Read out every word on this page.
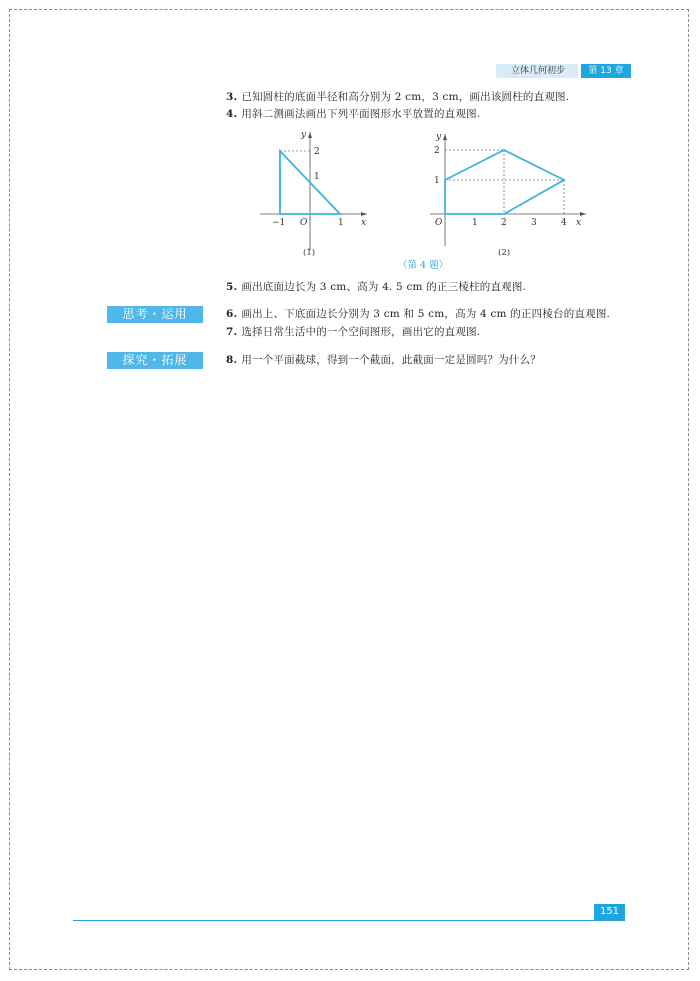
立体几何初步	第 13 章
3. 已知圆柱的底面半径和高分别为 2 cm，3 cm，画出该圆柱的直观图.
4. 用斜二测画法画出下列平面图形水平放置的直观图.
y
2
1
−1 O	1 x
(1)
y
2
1
O	1	2	3	4 x
(2)
（第 4 题）
5. 画出底面边长为 3 cm、高为 4. 5 cm 的正三棱柱的直观图.
思考・运用	6. 画出上、下底面边长分别为 3 cm 和 5 cm，高为 4 cm 的正四棱台的直观图.
7. 选择日常生活中的一个空间图形，画出它的直观图.
探究・拓展	8. 用一个平面截球，得到一个截面，此截面一定是圆吗？为什么？
151
